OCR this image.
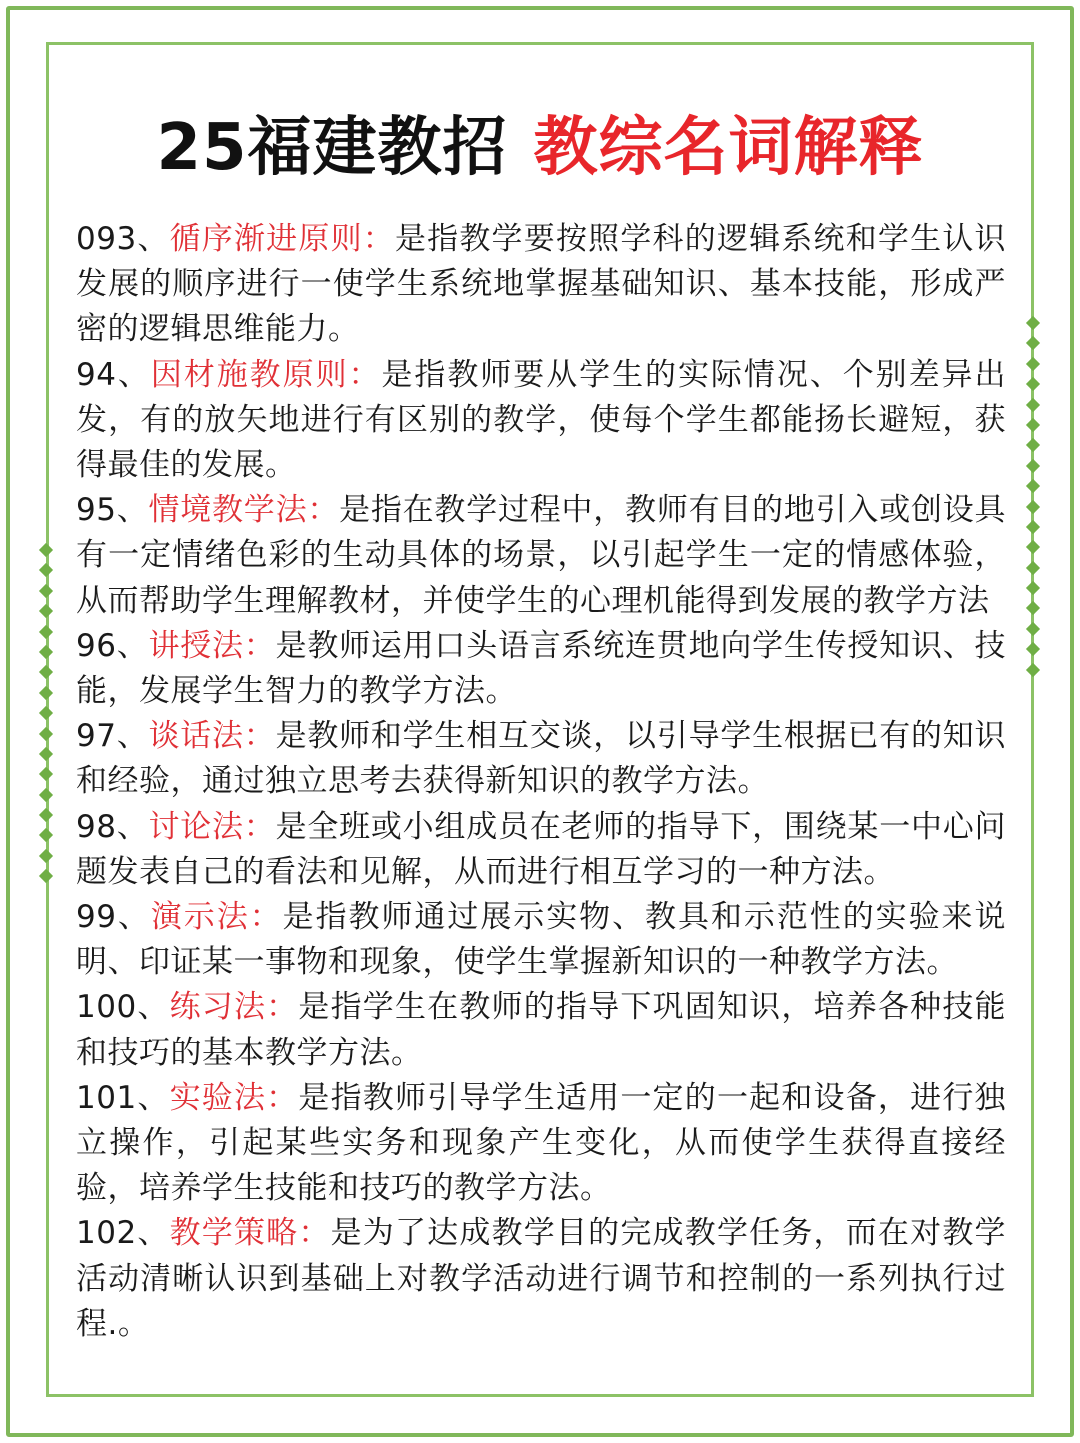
25福建教招 教综名词解释
093、循序渐进原则：是指教学要按照学科的逻辑系统和学生认识发展的顺序进行一使学生系统地掌握基础知识、基本技能，形成严密的逻辑思维能力。
94、因材施教原则：是指教师要从学生的实际情况、个别差异出发，有的放矢地进行有区别的教学，使每个学生都能扬长避短，获得最佳的发展。
95、情境教学法：是指在教学过程中，教师有目的地引入或创设具有一定情绪色彩的生动具体的场景，以引起学生一定的情感体验，从而帮助学生理解教材，并使学生的心理机能得到发展的教学方法
96、讲授法：是教师运用口头语言系统连贯地向学生传授知识、技能，发展学生智力的教学方法。
97、谈话法：是教师和学生相互交谈，以引导学生根据已有的知识和经验，通过独立思考去获得新知识的教学方法。
98、讨论法：是全班或小组成员在老师的指导下，围绕某一中心问题发表自己的看法和见解，从而进行相互学习的一种方法。
99、演示法：是指教师通过展示实物、教具和示范性的实验来说明、印证某一事物和现象，使学生掌握新知识的一种教学方法。
100、练习法：是指学生在教师的指导下巩固知识，培养各种技能和技巧的基本教学方法。
101、实验法：是指教师引导学生适用一定的一起和设备，进行独立操作，引起某些实务和现象产生变化，从而使学生获得直接经验，培养学生技能和技巧的教学方法。
102、教学策略：是为了达成教学目的完成教学任务，而在对教学活动清晰认识到基础上对教学活动进行调节和控制的一系列执行过程.。
